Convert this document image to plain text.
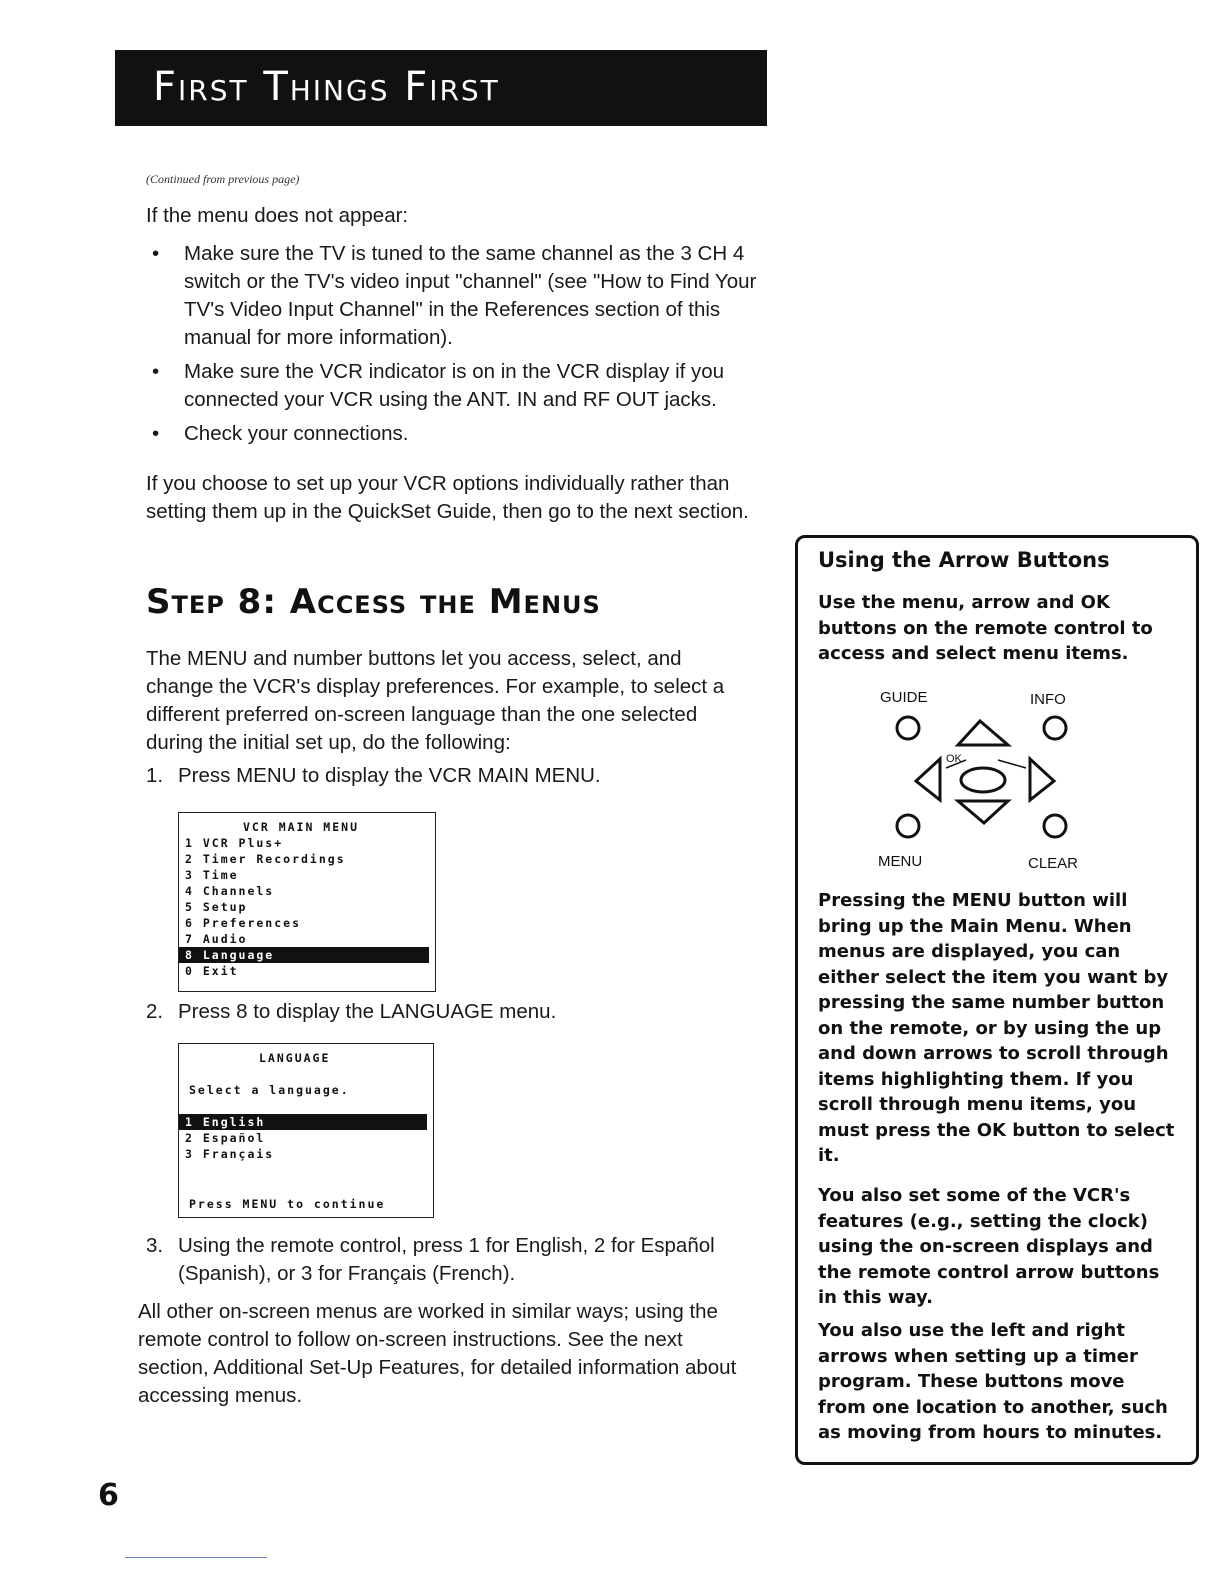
First Things First
(Continued from previous page)
If the menu does not appear:
• Make sure the TV is tuned to the same channel as the 3 CH 4 switch or the TV's video input "channel" (see "How to Find Your TV's Video Input Channel" in the References section of this manual for more information).
• Make sure the VCR indicator is on in the VCR display if you connected your VCR using the ANT. IN and RF OUT jacks.
• Check your connections.
If you choose to set up your VCR options individually rather than setting them up in the QuickSet Guide, then go to the next section.
Step 8: Access the Menus
The MENU and number buttons let you access, select, and change the VCR's display preferences. For example, to select a different preferred on-screen language than the one selected during the initial set up, do the following:
1. Press MENU to display the VCR MAIN MENU.
VCR MAIN MENU
1 VCR Plus+
2 Timer Recordings
3 Time
4 Channels
5 Setup
6 Preferences
7 Audio
8 Language
0 Exit
2. Press 8 to display the LANGUAGE menu.
LANGUAGE
Select a language.
1 English
2 Español
3 Français
Press MENU to continue
3. Using the remote control, press 1 for English, 2 for Español (Spanish), or 3 for Français (French).
All other on-screen menus are worked in similar ways; using the remote control to follow on-screen instructions. See the next section, Additional Set-Up Features, for detailed information about accessing menus.
Using the Arrow Buttons
Use the menu, arrow and OK buttons on the remote control to access and select menu items.
GUIDE	INFO
MENU	CLEAR
OK
Pressing the MENU button will bring up the Main Menu. When menus are displayed, you can either select the item you want by pressing the same number button on the remote, or by using the up and down arrows to scroll through items highlighting them. If you scroll through menu items, you must press the OK button to select it.
You also set some of the VCR's features (e.g., setting the clock) using the on-screen displays and the remote control arrow buttons in this way.
You also use the left and right arrows when setting up a timer program. These buttons move from one location to another, such as moving from hours to minutes.
6
